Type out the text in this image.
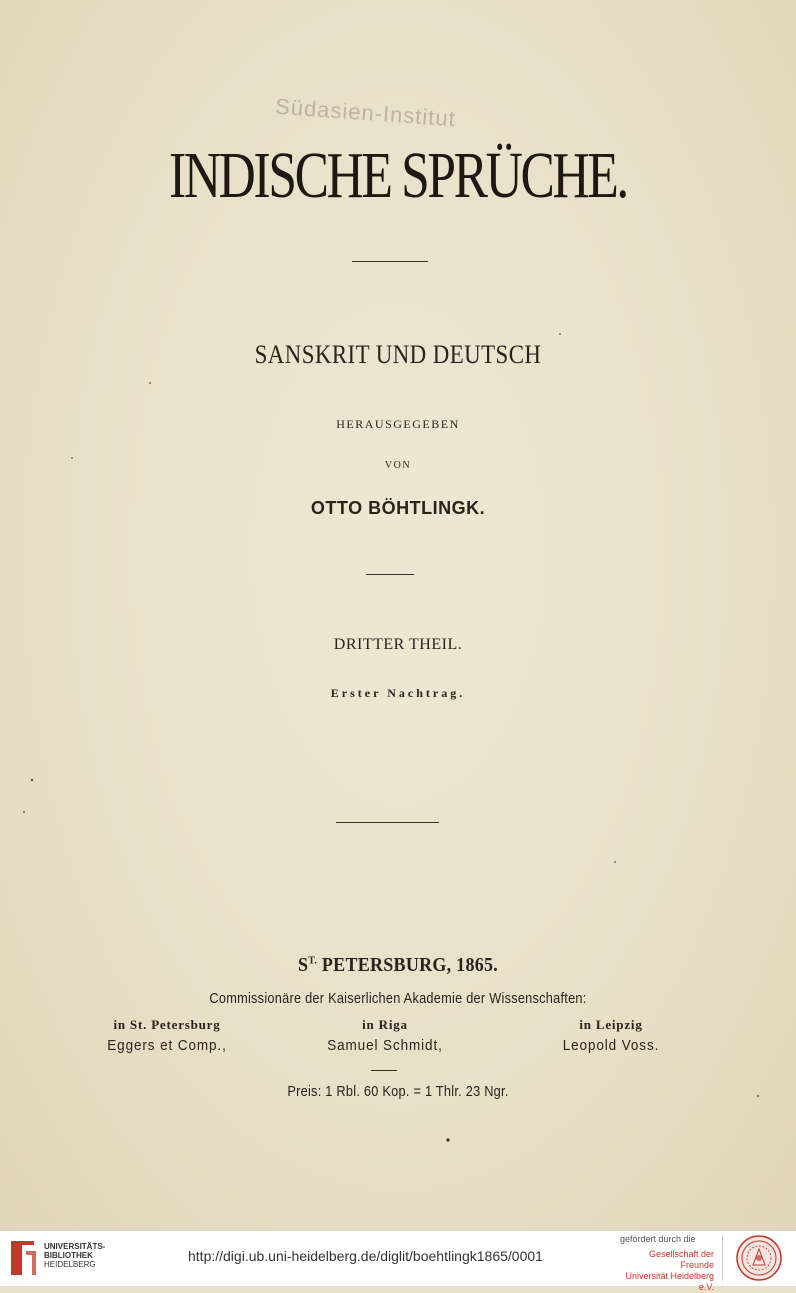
Südasien-Institut
INDISCHE SPRÜCHE.
SANSKRIT UND DEUTSCH
HERAUSGEGEBEN
VON
OTTO BÖHTLINGK.
DRITTER THEIL.
Erster Nachtrag.
$S^{T.}$ PETERSBURG, 1865.
Commissionäre der Kaiserlichen Akademie der Wissenschaften:
in St. Petersburg
Eggers et Comp.,
in Riga
Samuel Schmidt,
in Leipzig
Leopold Voss.
Preis: 1 Rbl. 60 Kop. = 1 Thlr. 23 Ngr.
UNIVERSITÄTS-
BIBLIOTHEK
HEIDELBERG
http://digi.ub.uni-heidelberg.de/diglit/boehtlingk1865/0001
gefördert durch die
Gesellschaft der Freunde
Universität Heidelberg e.V.
